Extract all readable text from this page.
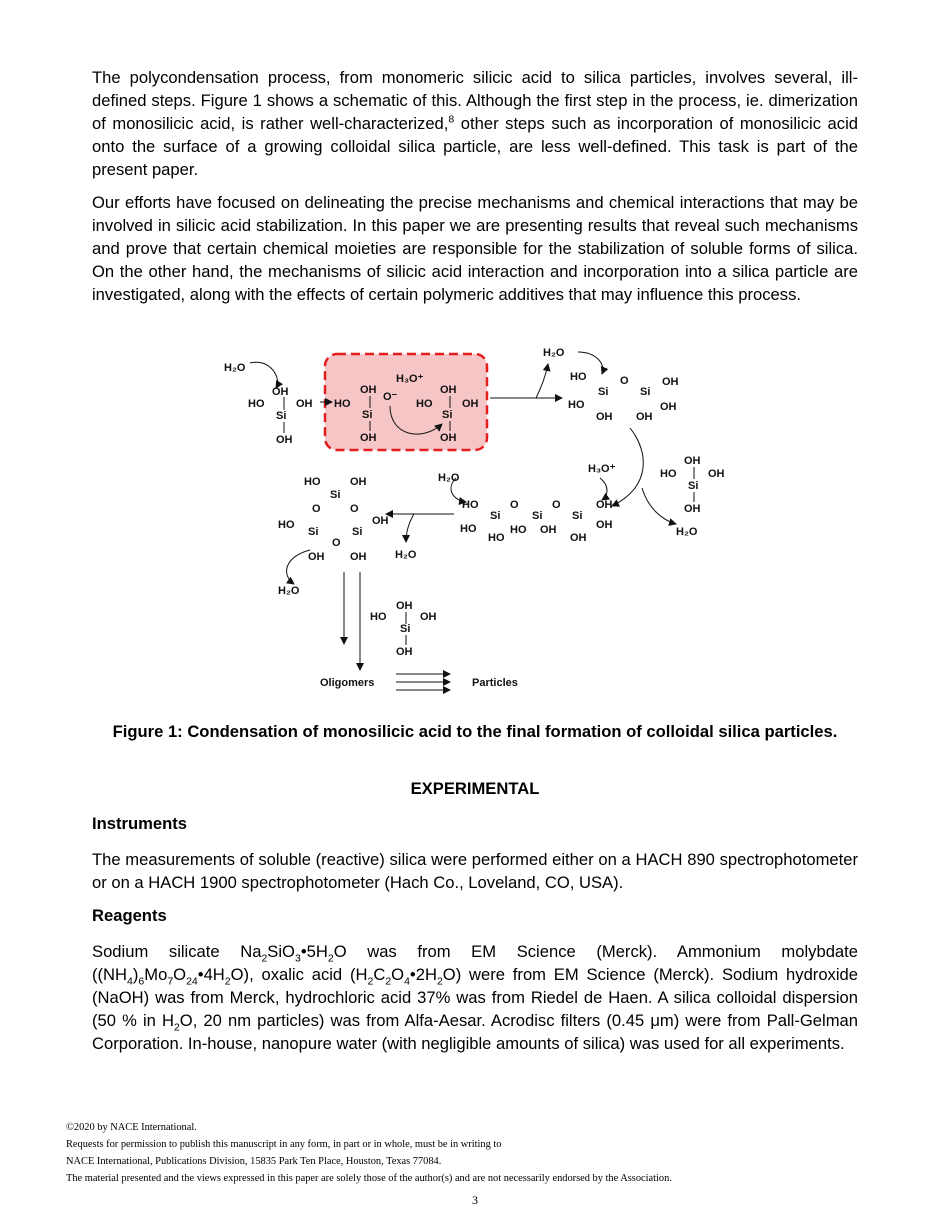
The polycondensation process, from monomeric silicic acid to silica particles, involves several, ill-defined steps. Figure 1 shows a schematic of this. Although the first step in the process, ie. dimerization of monosilicic acid, is rather well-characterized,$^8$ other steps such as incorporation of monosilicic acid onto the surface of a growing colloidal silica particle, are less well-defined. This task is part of the present paper.

Our efforts have focused on delineating the precise mechanisms and chemical interactions that may be involved in silicic acid stabilization. In this paper we are presenting results that reveal such mechanisms and prove that certain chemical moieties are responsible for the stabilization of soluble forms of silica. On the other hand, the mechanisms of silicic acid interaction and incorporation into a silica particle are investigated, along with the effects of certain polymeric additives that may influence this process.

H₂O
OH
HO
Si
OH
OH
OH
HO
Si
O⁻
OH
H₃O⁺
OH
HO	OH
Si
OH
H₂O
HO
Si
HO
OH
O
Si
OH
OH
OH
OH
HO	OH
Si
OH
H₂O
H₂O
H₃O⁺
HO
Si
HO
HO
O
Si
HO OH
O
Si
OH
OH
OH
H₂O
HO	OH
Si
O	O
HO
Si
O
Si
OH
OH OH
H₂O
OH
HO	OH
Si
OH
Oligomers	Particles

Figure 1: Condensation of monosilicic acid to the final formation of colloidal silica particles.

EXPERIMENTAL

Instruments

The measurements of soluble (reactive) silica were performed either on a HACH 890 spectrophotometer or on a HACH 1900 spectrophotometer (Hach Co., Loveland, CO, USA).

Reagents

Sodium silicate $Na_2SiO_3•5H_2O$ was from EM Science (Merck). Ammonium molybdate $((NH_4)_6Mo_7O_{24}•4H_2O)$, oxalic acid $(H_2C_2O_4•2H_2O)$ were from EM Science (Merck). Sodium hydroxide (NaOH) was from Merck, hydrochloric acid 37% was from Riedel de Haen. A silica colloidal dispersion (50 % in $H_2O$, 20 nm particles) was from Alfa-Aesar. Acrodisc filters (0.45 μm) were from Pall-Gelman Corporation. In-house, nanopure water (with negligible amounts of silica) was used for all experiments.

©2020 by NACE International.

Requests for permission to publish this manuscript in any form, in part or in whole, must be in writing to

NACE International, Publications Division, 15835 Park Ten Place, Houston, Texas 77084.

The material presented and the views expressed in this paper are solely those of the author(s) and are not necessarily endorsed by the Association.

3
